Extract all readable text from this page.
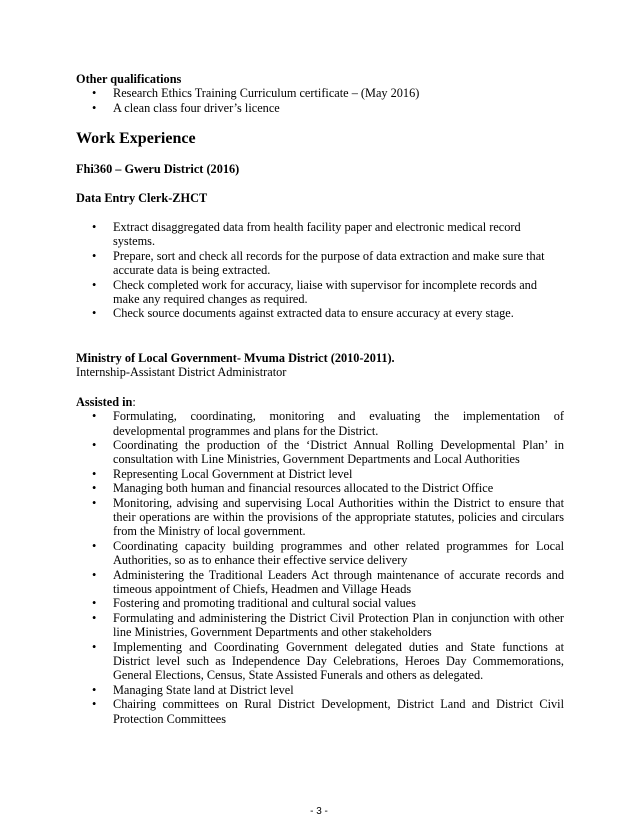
Other qualifications
• Research Ethics Training Curriculum certificate – (May 2016)
• A clean class four driver’s licence
Work Experience
Fhi360 – Gweru District (2016)
Data Entry Clerk-ZHCT
• Extract disaggregated data from health facility paper and electronic medical record systems.
• Prepare, sort and check all records for the purpose of data extraction and make sure that accurate data is being extracted.
• Check completed work for accuracy, liaise with supervisor for incomplete records and make any required changes as required.
• Check source documents against extracted data to ensure accuracy at every stage.
Ministry of Local Government- Mvuma District (2010-2011).
Internship-Assistant District Administrator
Assisted in:
• Formulating, coordinating, monitoring and evaluating the implementation of developmental programmes and plans for the District.
• Coordinating the production of the ‘District Annual Rolling Developmental Plan’ in consultation with Line Ministries, Government Departments and Local Authorities
• Representing Local Government at District level
• Managing both human and financial resources allocated to the District Office
• Monitoring, advising and supervising Local Authorities within the District to ensure that their operations are within the provisions of the appropriate statutes, policies and circulars from the Ministry of local government.
• Coordinating capacity building programmes and other related programmes for Local Authorities, so as to enhance their effective service delivery
• Administering the Traditional Leaders Act through maintenance of accurate records and timeous appointment of Chiefs, Headmen and Village Heads
• Fostering and promoting traditional and cultural social values
• Formulating and administering the District Civil Protection Plan in conjunction with other line Ministries, Government Departments and other stakeholders
• Implementing and Coordinating Government delegated duties and State functions at District level such as Independence Day Celebrations, Heroes Day Commemorations, General Elections, Census, State Assisted Funerals and others as delegated.
• Managing State land at District level
• Chairing committees on Rural District Development, District Land and District Civil Protection Committees
- 3 -
